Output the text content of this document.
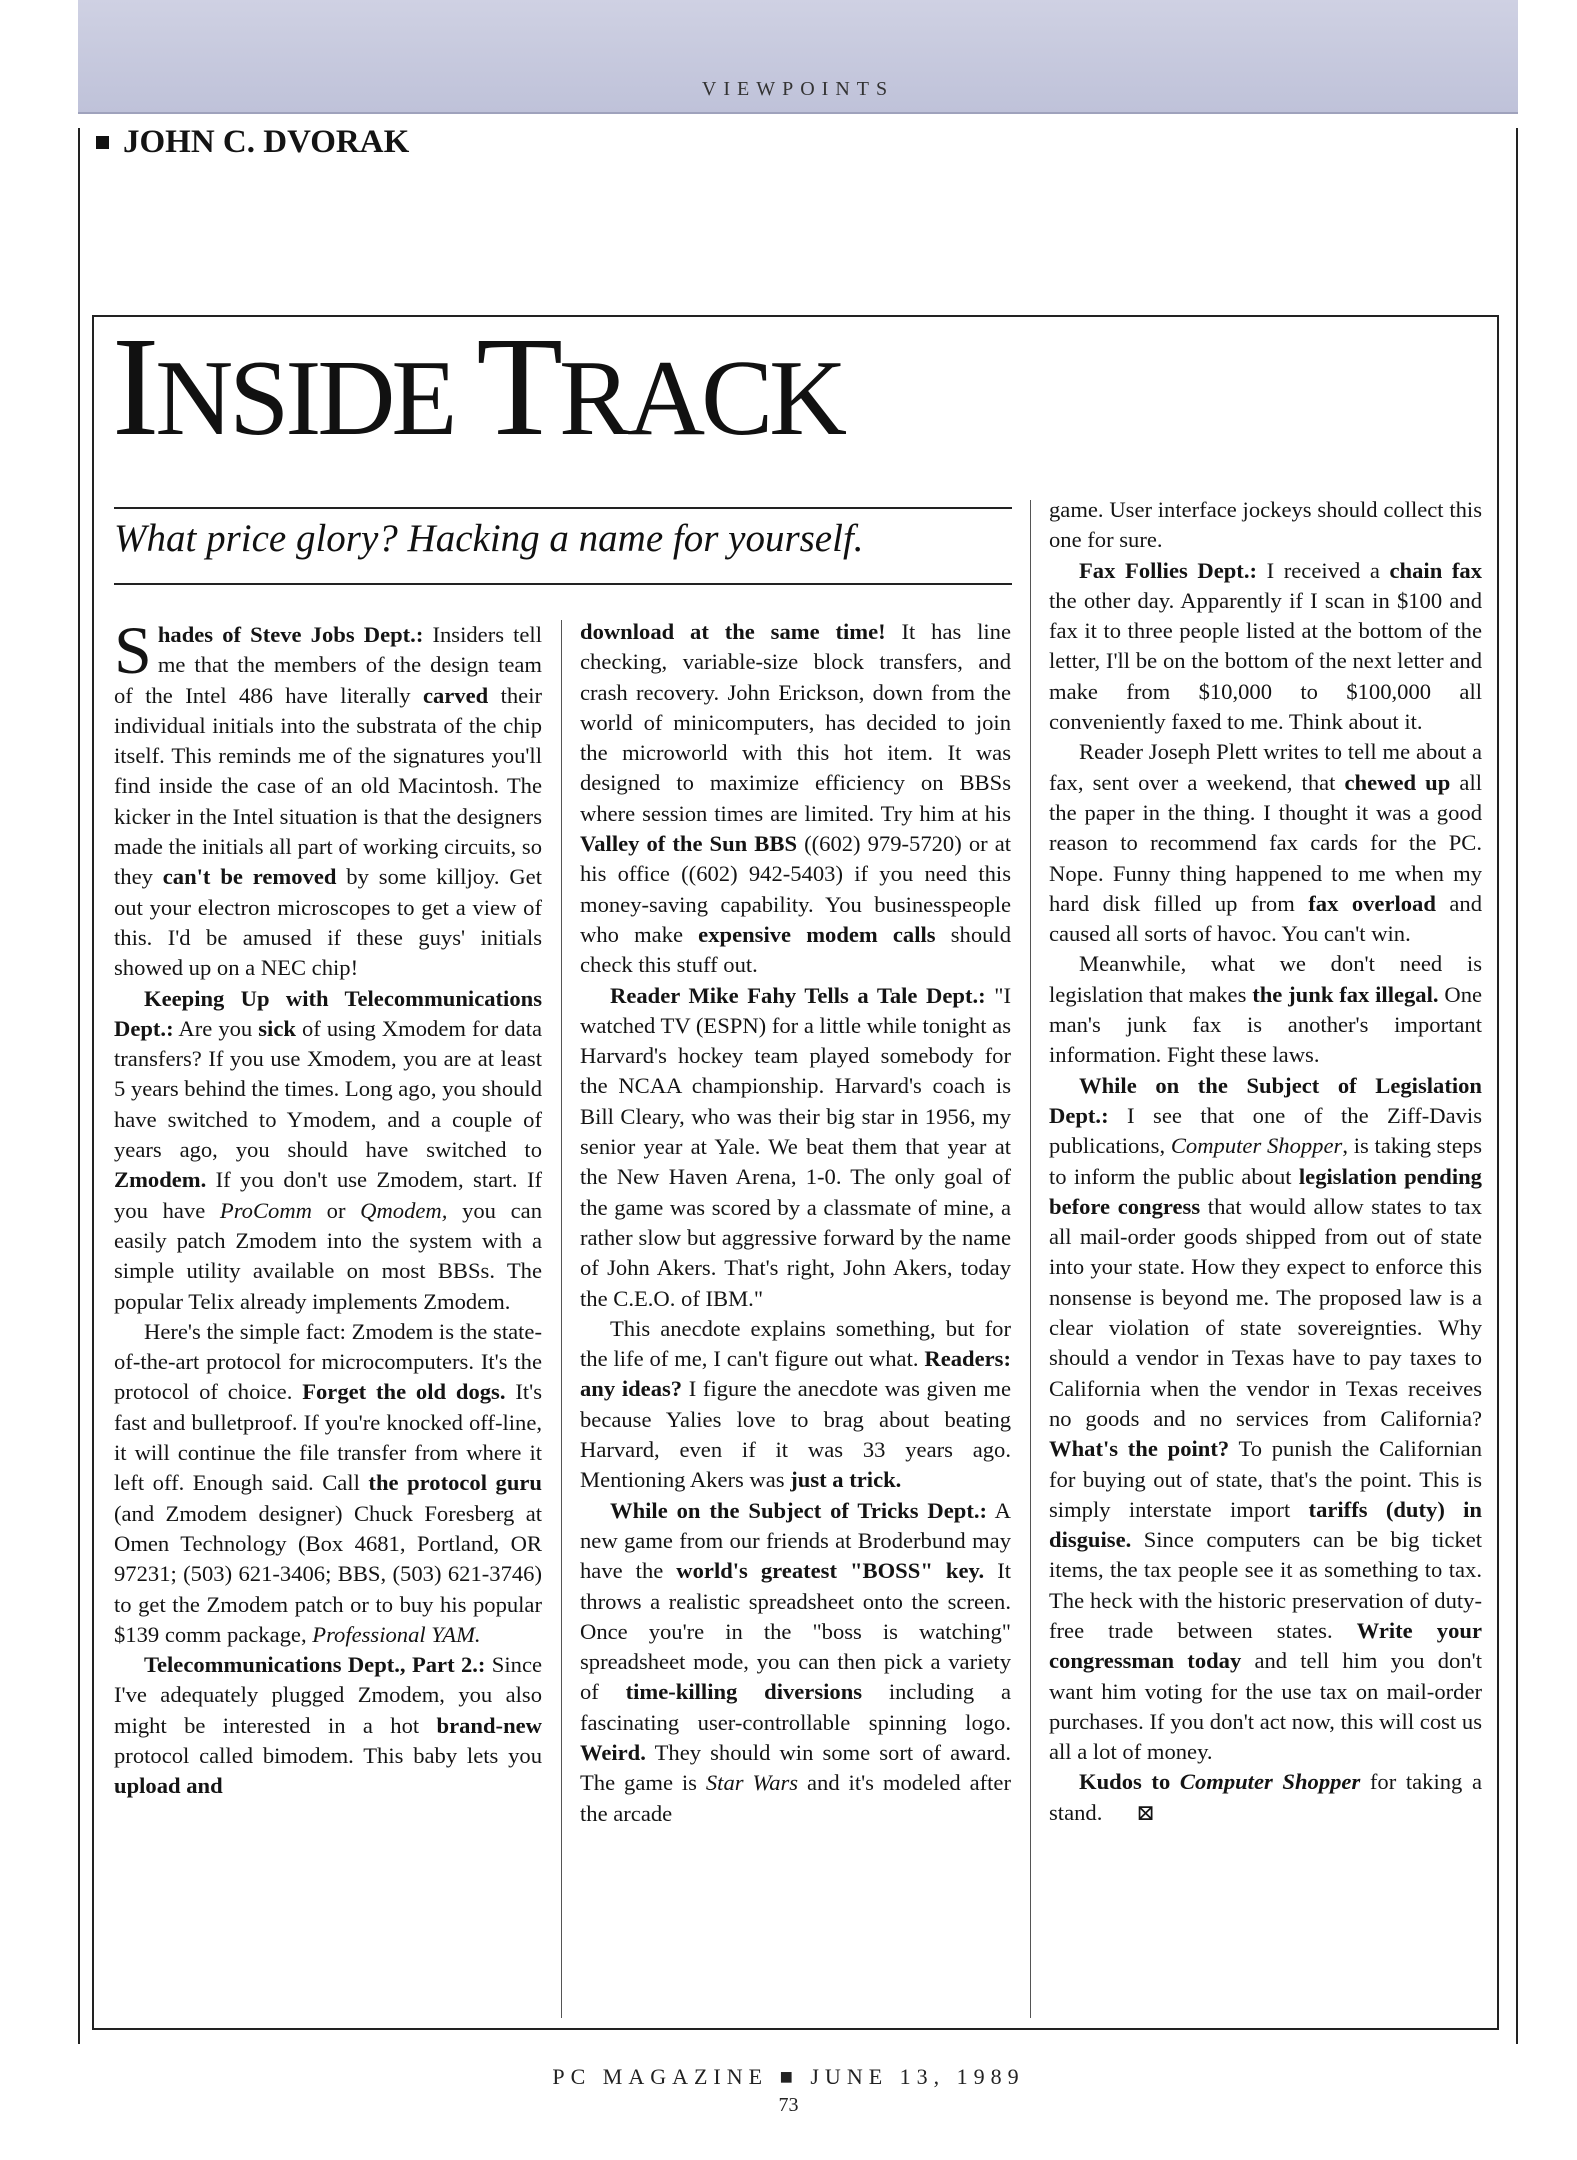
VIEWPOINTS
JOHN C. DVORAK
INSIDE TRACK
What price glory? Hacking a name for yourself.

Shades of Steve Jobs Dept.: Insiders tell me that the members of the design team of the Intel 486 have literally carved their individual initials into the substrata of the chip itself. This reminds me of the signatures you'll find inside the case of an old Macintosh. The kicker in the Intel situation is that the designers made the initials all part of working circuits, so they can't be removed by some killjoy. Get out your electron microscopes to get a view of this. I'd be amused if these guys' initials showed up on a NEC chip!

Keeping Up with Telecommunications Dept.: Are you sick of using Xmodem for data transfers? If you use Xmodem, you are at least 5 years behind the times. Long ago, you should have switched to Ymodem, and a couple of years ago, you should have switched to Zmodem. If you don't use Zmodem, start. If you have ProComm or Qmodem, you can easily patch Zmodem into the system with a simple utility available on most BBSs. The popular Telix already implements Zmodem.

Here's the simple fact: Zmodem is the state-of-the-art protocol for microcomputers. It's the protocol of choice. Forget the old dogs. It's fast and bulletproof. If you're knocked off-line, it will continue the file transfer from where it left off. Enough said. Call the protocol guru (and Zmodem designer) Chuck Foresberg at Omen Technology (Box 4681, Portland, OR 97231; (503) 621-3406; BBS, (503) 621-3746) to get the Zmodem patch or to buy his popular $139 comm package, Professional YAM.

Telecommunications Dept., Part 2.: Since I've adequately plugged Zmodem, you also might be interested in a hot brand-new protocol called bimodem. This baby lets you upload and

download at the same time! It has line checking, variable-size block transfers, and crash recovery. John Erickson, down from the world of minicomputers, has decided to join the microworld with this hot item. It was designed to maximize efficiency on BBSs where session times are limited. Try him at his Valley of the Sun BBS ((602) 979-5720) or at his office ((602) 942-5403) if you need this money-saving capability. You businesspeople who make expensive modem calls should check this stuff out.

Reader Mike Fahy Tells a Tale Dept.: "I watched TV (ESPN) for a little while tonight as Harvard's hockey team played somebody for the NCAA championship. Harvard's coach is Bill Cleary, who was their big star in 1956, my senior year at Yale. We beat them that year at the New Haven Arena, 1-0. The only goal of the game was scored by a classmate of mine, a rather slow but aggressive forward by the name of John Akers. That's right, John Akers, today the C.E.O. of IBM."

This anecdote explains something, but for the life of me, I can't figure out what. Readers: any ideas? I figure the anecdote was given me because Yalies love to brag about beating Harvard, even if it was 33 years ago. Mentioning Akers was just a trick.

While on the Subject of Tricks Dept.: A new game from our friends at Broderbund may have the world's greatest "BOSS" key. It throws a realistic spreadsheet onto the screen. Once you're in the "boss is watching" spreadsheet mode, you can then pick a variety of time-killing diversions including a fascinating user-controllable spinning logo. Weird. They should win some sort of award. The game is Star Wars and it's modeled after the arcade

game. User interface jockeys should collect this one for sure.

Fax Follies Dept.: I received a chain fax the other day. Apparently if I scan in $100 and fax it to three people listed at the bottom of the letter, I'll be on the bottom of the next letter and make from $10,000 to $100,000 all conveniently faxed to me. Think about it.

Reader Joseph Plett writes to tell me about a fax, sent over a weekend, that chewed up all the paper in the thing. I thought it was a good reason to recommend fax cards for the PC. Nope. Funny thing happened to me when my hard disk filled up from fax overload and caused all sorts of havoc. You can't win.

Meanwhile, what we don't need is legislation that makes the junk fax illegal. One man's junk fax is another's important information. Fight these laws.

While on the Subject of Legislation Dept.: I see that one of the Ziff-Davis publications, Computer Shopper, is taking steps to inform the public about legislation pending before congress that would allow states to tax all mail-order goods shipped from out of state into your state. How they expect to enforce this nonsense is beyond me. The proposed law is a clear violation of state sovereignties. Why should a vendor in Texas have to pay taxes to California when the vendor in Texas receives no goods and no services from California? What's the point? To punish the Californian for buying out of state, that's the point. This is simply interstate import tariffs (duty) in disguise. Since computers can be big ticket items, the tax people see it as something to tax. The heck with the historic preservation of duty-free trade between states. Write your congressman today and tell him you don't want him voting for the use tax on mail-order purchases. If you don't act now, this will cost us all a lot of money.

Kudos to Computer Shopper for taking a stand. ⊠

PC MAGAZINE ■ JUNE 13, 1989
73
